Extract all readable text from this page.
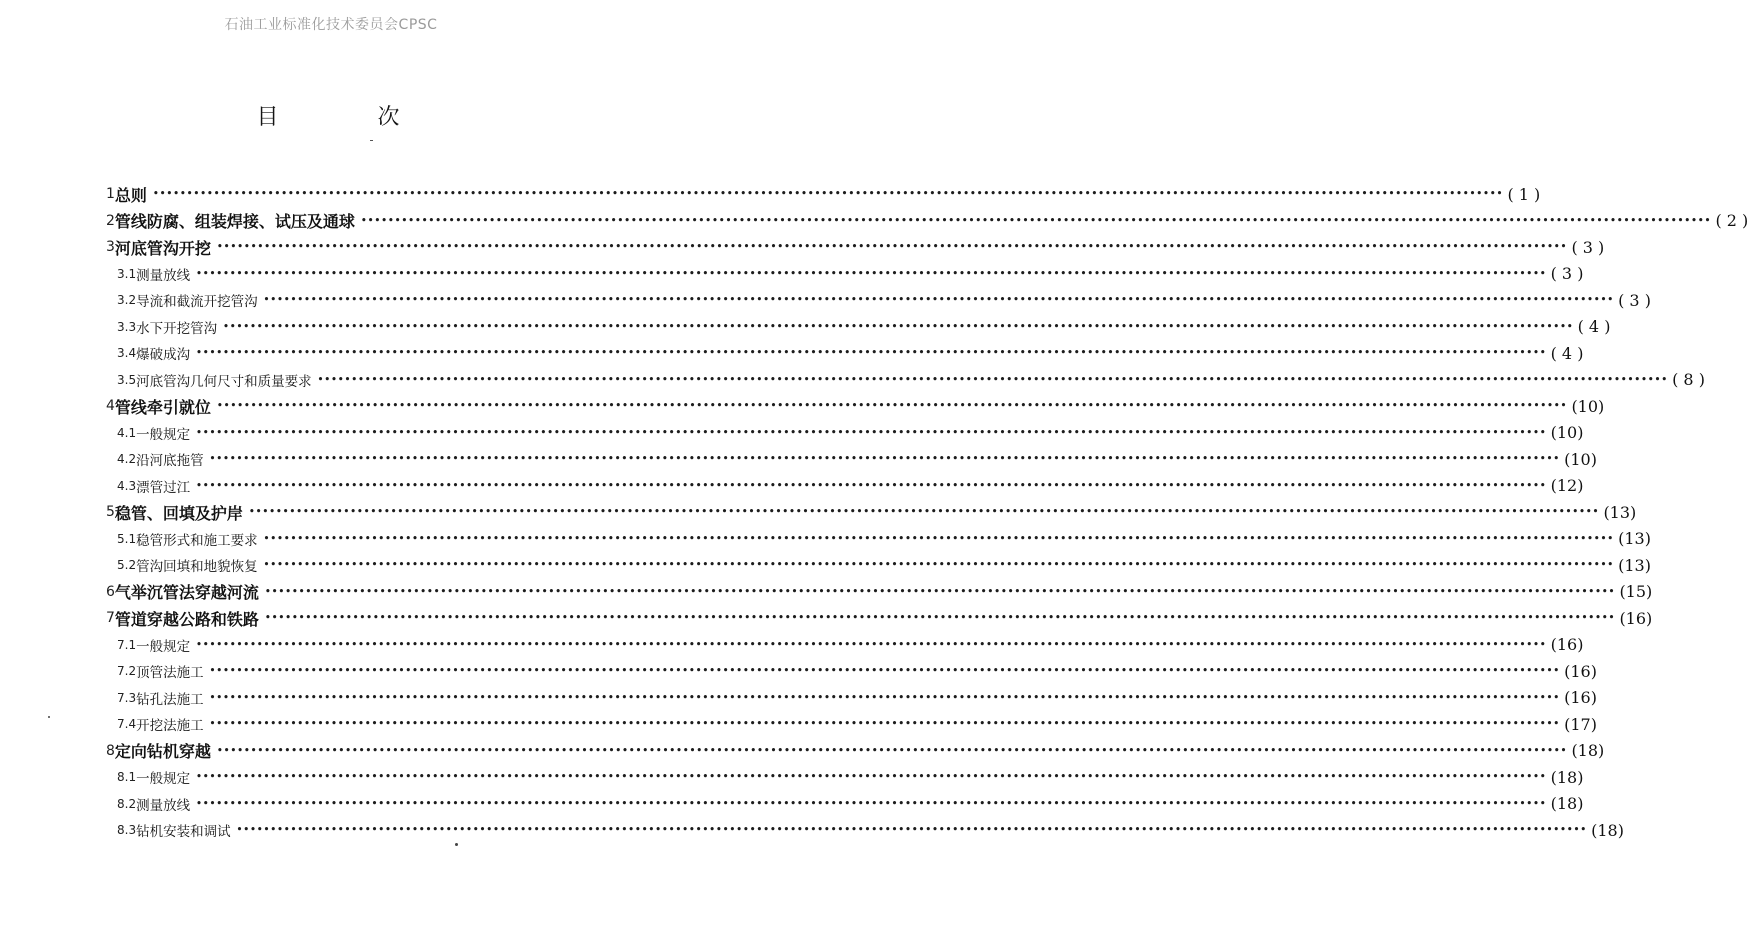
石油工业标准化技术委员会CPSC
目 次
1 总则 •••••••••••••••••••••••••••••••••••••••••••••••••••••••••••••••••••••••••••••••••••••••••••••••••••••••••••••••••••••••••••••••••••••••••••••••••••••••••••••••••••••••••••••••••••••••••••••••••••••••• ( 1 )
2 管线防腐、组装焊接、试压及通球 •••••••••••••••••••••••••••••••••••••••••••••••••••••••••••••••••••••••••••••••••••••••••••••••••••••••••••••••••••••••••••••••••••••••••••••••••••••••••••••••••••••••••••••••••••••••••••••••••••••••• ( 2 )
3 河底管沟开挖 •••••••••••••••••••••••••••••••••••••••••••••••••••••••••••••••••••••••••••••••••••••••••••••••••••••••••••••••••••••••••••••••••••••••••••••••••••••••••••••••••••••••••••••••••••••••••••••••••••••••• ( 3 )
3.1 测量放线 •••••••••••••••••••••••••••••••••••••••••••••••••••••••••••••••••••••••••••••••••••••••••••••••••••••••••••••••••••••••••••••••••••••••••••••••••••••••••••••••••••••••••••••••••••••••••••••••••••••••• ( 3 )
3.2 导流和截流开挖管沟 •••••••••••••••••••••••••••••••••••••••••••••••••••••••••••••••••••••••••••••••••••••••••••••••••••••••••••••••••••••••••••••••••••••••••••••••••••••••••••••••••••••••••••••••••••••••••••••••••••••••• ( 3 )
3.3 水下开挖管沟 •••••••••••••••••••••••••••••••••••••••••••••••••••••••••••••••••••••••••••••••••••••••••••••••••••••••••••••••••••••••••••••••••••••••••••••••••••••••••••••••••••••••••••••••••••••••••••••••••••••••• ( 4 )
3.4 爆破成沟 •••••••••••••••••••••••••••••••••••••••••••••••••••••••••••••••••••••••••••••••••••••••••••••••••••••••••••••••••••••••••••••••••••••••••••••••••••••••••••••••••••••••••••••••••••••••••••••••••••••••• ( 4 )
3.5 河底管沟几何尺寸和质量要求 •••••••••••••••••••••••••••••••••••••••••••••••••••••••••••••••••••••••••••••••••••••••••••••••••••••••••••••••••••••••••••••••••••••••••••••••••••••••••••••••••••••••••••••••••••••••••••••••••••••••• ( 8 )
4 管线牵引就位 •••••••••••••••••••••••••••••••••••••••••••••••••••••••••••••••••••••••••••••••••••••••••••••••••••••••••••••••••••••••••••••••••••••••••••••••••••••••••••••••••••••••••••••••••••••••••••••••••••••••• (10)
4.1 一般规定 •••••••••••••••••••••••••••••••••••••••••••••••••••••••••••••••••••••••••••••••••••••••••••••••••••••••••••••••••••••••••••••••••••••••••••••••••••••••••••••••••••••••••••••••••••••••••••••••••••••••• (10)
4.2 沿河底拖管 •••••••••••••••••••••••••••••••••••••••••••••••••••••••••••••••••••••••••••••••••••••••••••••••••••••••••••••••••••••••••••••••••••••••••••••••••••••••••••••••••••••••••••••••••••••••••••••••••••••••• (10)
4.3 漂管过江 •••••••••••••••••••••••••••••••••••••••••••••••••••••••••••••••••••••••••••••••••••••••••••••••••••••••••••••••••••••••••••••••••••••••••••••••••••••••••••••••••••••••••••••••••••••••••••••••••••••••• (12)
5 稳管、回填及护岸 •••••••••••••••••••••••••••••••••••••••••••••••••••••••••••••••••••••••••••••••••••••••••••••••••••••••••••••••••••••••••••••••••••••••••••••••••••••••••••••••••••••••••••••••••••••••••••••••••••••••• (13)
5.1 稳管形式和施工要求 •••••••••••••••••••••••••••••••••••••••••••••••••••••••••••••••••••••••••••••••••••••••••••••••••••••••••••••••••••••••••••••••••••••••••••••••••••••••••••••••••••••••••••••••••••••••••••••••••••••••• (13)
5.2 管沟回填和地貌恢复 •••••••••••••••••••••••••••••••••••••••••••••••••••••••••••••••••••••••••••••••••••••••••••••••••••••••••••••••••••••••••••••••••••••••••••••••••••••••••••••••••••••••••••••••••••••••••••••••••••••••• (13)
6 气举沉管法穿越河流 •••••••••••••••••••••••••••••••••••••••••••••••••••••••••••••••••••••••••••••••••••••••••••••••••••••••••••••••••••••••••••••••••••••••••••••••••••••••••••••••••••••••••••••••••••••••••••••••••••••••• (15)
7 管道穿越公路和铁路 •••••••••••••••••••••••••••••••••••••••••••••••••••••••••••••••••••••••••••••••••••••••••••••••••••••••••••••••••••••••••••••••••••••••••••••••••••••••••••••••••••••••••••••••••••••••••••••••••••••••• (16)
7.1 一般规定 •••••••••••••••••••••••••••••••••••••••••••••••••••••••••••••••••••••••••••••••••••••••••••••••••••••••••••••••••••••••••••••••••••••••••••••••••••••••••••••••••••••••••••••••••••••••••••••••••••••••• (16)
7.2 顶管法施工 •••••••••••••••••••••••••••••••••••••••••••••••••••••••••••••••••••••••••••••••••••••••••••••••••••••••••••••••••••••••••••••••••••••••••••••••••••••••••••••••••••••••••••••••••••••••••••••••••••••••• (16)
7.3 钻孔法施工 •••••••••••••••••••••••••••••••••••••••••••••••••••••••••••••••••••••••••••••••••••••••••••••••••••••••••••••••••••••••••••••••••••••••••••••••••••••••••••••••••••••••••••••••••••••••••••••••••••••••• (16)
7.4 开挖法施工 •••••••••••••••••••••••••••••••••••••••••••••••••••••••••••••••••••••••••••••••••••••••••••••••••••••••••••••••••••••••••••••••••••••••••••••••••••••••••••••••••••••••••••••••••••••••••••••••••••••••• (17)
8 定向钻机穿越 •••••••••••••••••••••••••••••••••••••••••••••••••••••••••••••••••••••••••••••••••••••••••••••••••••••••••••••••••••••••••••••••••••••••••••••••••••••••••••••••••••••••••••••••••••••••••••••••••••••••• (18)
8.1 一般规定 •••••••••••••••••••••••••••••••••••••••••••••••••••••••••••••••••••••••••••••••••••••••••••••••••••••••••••••••••••••••••••••••••••••••••••••••••••••••••••••••••••••••••••••••••••••••••••••••••••••••• (18)
8.2 测量放线 •••••••••••••••••••••••••••••••••••••••••••••••••••••••••••••••••••••••••••••••••••••••••••••••••••••••••••••••••••••••••••••••••••••••••••••••••••••••••••••••••••••••••••••••••••••••••••••••••••••••• (18)
8.3 钻机安装和调试 •••••••••••••••••••••••••••••••••••••••••••••••••••••••••••••••••••••••••••••••••••••••••••••••••••••••••••••••••••••••••••••••••••••••••••••••••••••••••••••••••••••••••••••••••••••••••••••••••••••••• (18)
